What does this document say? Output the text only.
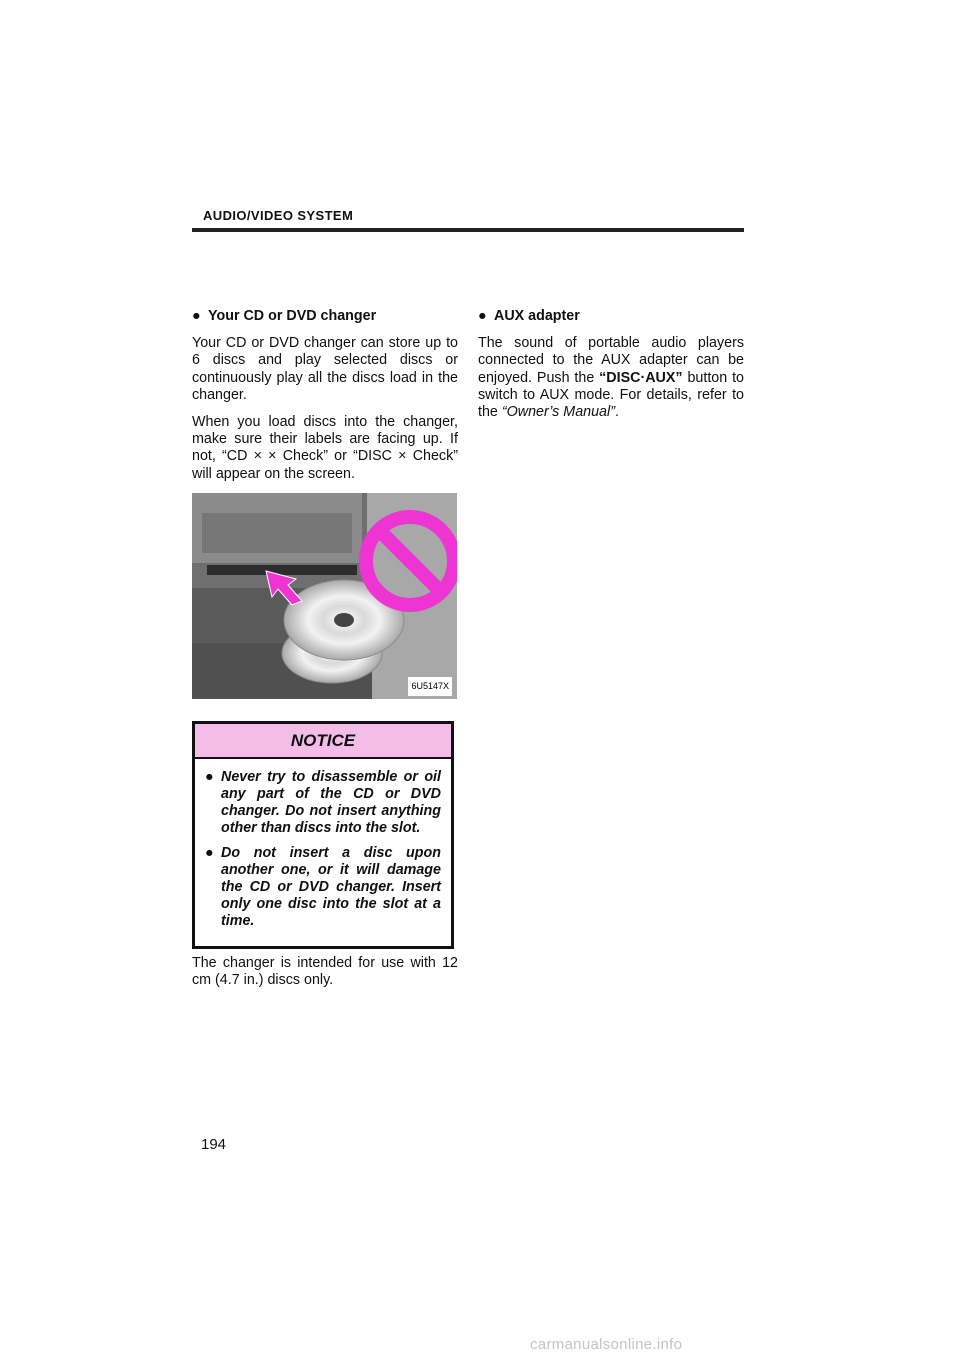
AUDIO/VIDEO SYSTEM
● Your CD or DVD changer

Your CD or DVD changer can store up to 6 discs and play selected discs or continuously play all the discs load in the changer.

When you load discs into the changer, make sure their labels are facing up. If not, “CD × × Check” or “DISC × Check” will appear on the screen.

6U5147X
NOTICE
● Never try to disassemble or oil any part of the CD or DVD changer. Do not insert anything other than discs into the slot.
● Do not insert a disc upon another one, or it will damage the CD or DVD changer. Insert only one disc into the slot at a time.

The changer is intended for use with 12 cm (4.7 in.) discs only.

● AUX adapter

The sound of portable audio players connected to the AUX adapter can be enjoyed. Push the “DISC·AUX” button to switch to AUX mode. For details, refer to the “Owner’s Manual”.

194
carmanualsonline.info
